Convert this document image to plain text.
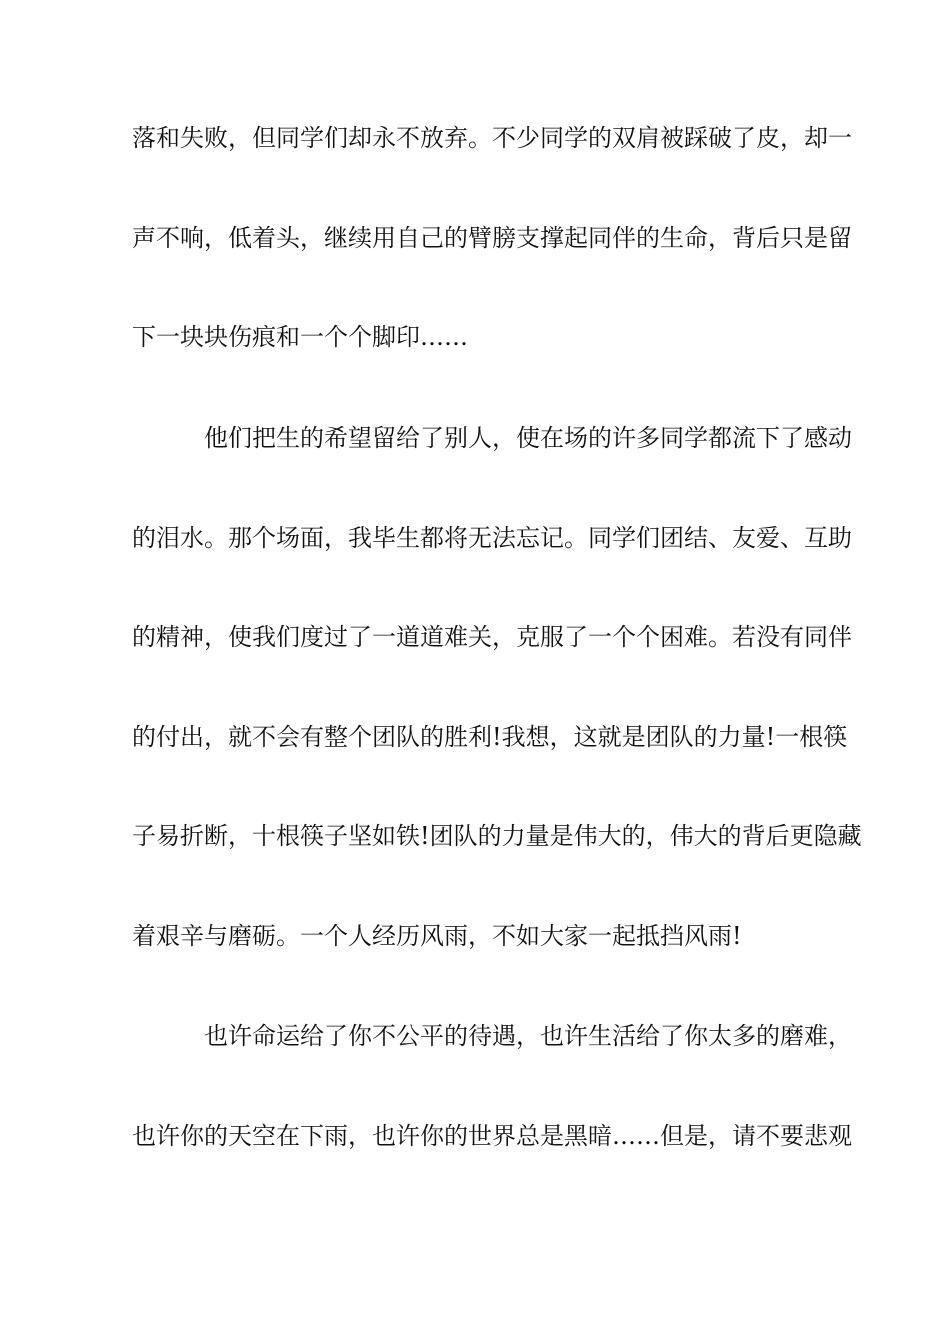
落和失败，但同学们却永不放弃。不少同学的双肩被踩破了皮，却一
声不响，低着头，继续用自己的臂膀支撑起同伴的生命，背后只是留
下一块块伤痕和一个个脚印……
他们把生的希望留给了别人，使在场的许多同学都流下了感动
的泪水。那个场面，我毕生都将无法忘记。同学们团结、友爱、互助
的精神，使我们度过了一道道难关，克服了一个个困难。若没有同伴
的付出，就不会有整个团队的胜利!我想，这就是团队的力量!一根筷
子易折断，十根筷子坚如铁!团队的力量是伟大的，伟大的背后更隐藏
着艰辛与磨砺。一个人经历风雨，不如大家一起抵挡风雨!
也许命运给了你不公平的待遇，也许生活给了你太多的磨难，
也许你的天空在下雨，也许你的世界总是黑暗……但是，请不要悲观
